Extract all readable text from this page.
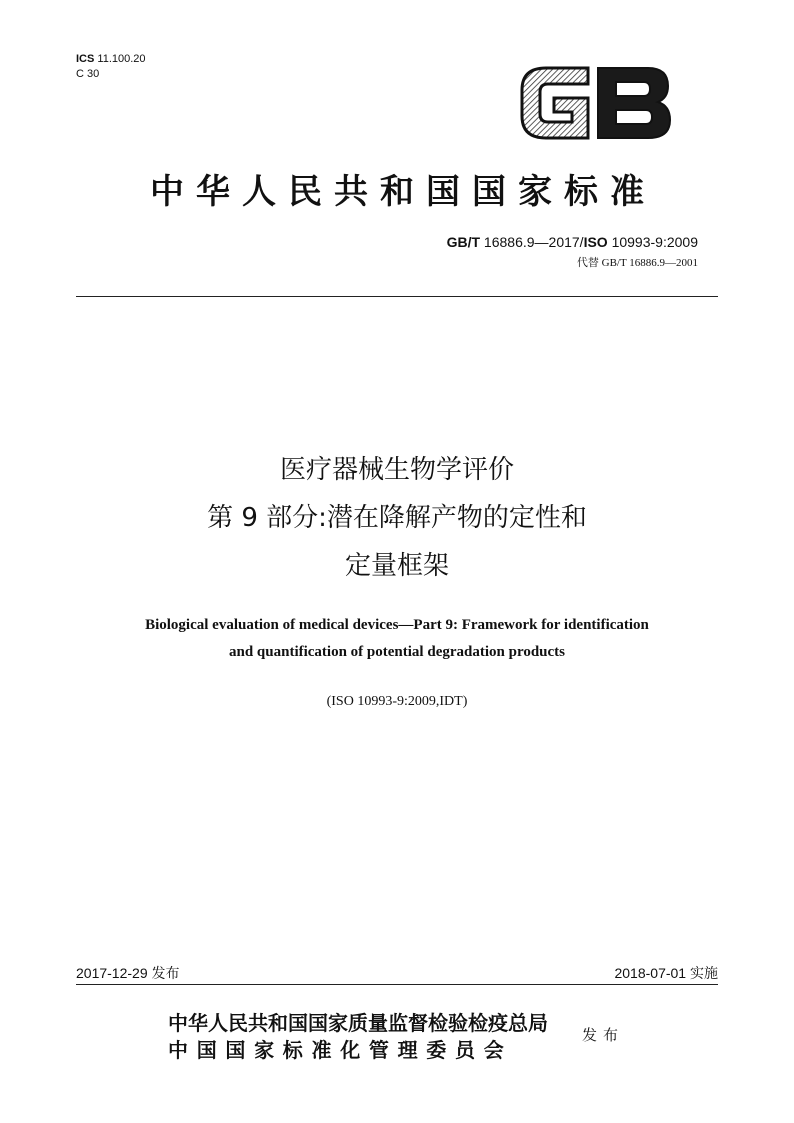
ICS 11.100.20
C 30
中华人民共和国国家标准
GB/T 16886.9—2017/ISO 10993-9:2009
代替 GB/T 16886.9—2001
医疗器械生物学评价
第 9 部分:潜在降解产物的定性和
定量框架
Biological evaluation of medical devices—Part 9: Framework for identification
and quantification of potential degradation products
(ISO 10993-9:2009,IDT)
2017-12-29 发布	2018-07-01 实施
中华人民共和国国家质量监督检验检疫总局
中国国家标准化管理委员会
发布
